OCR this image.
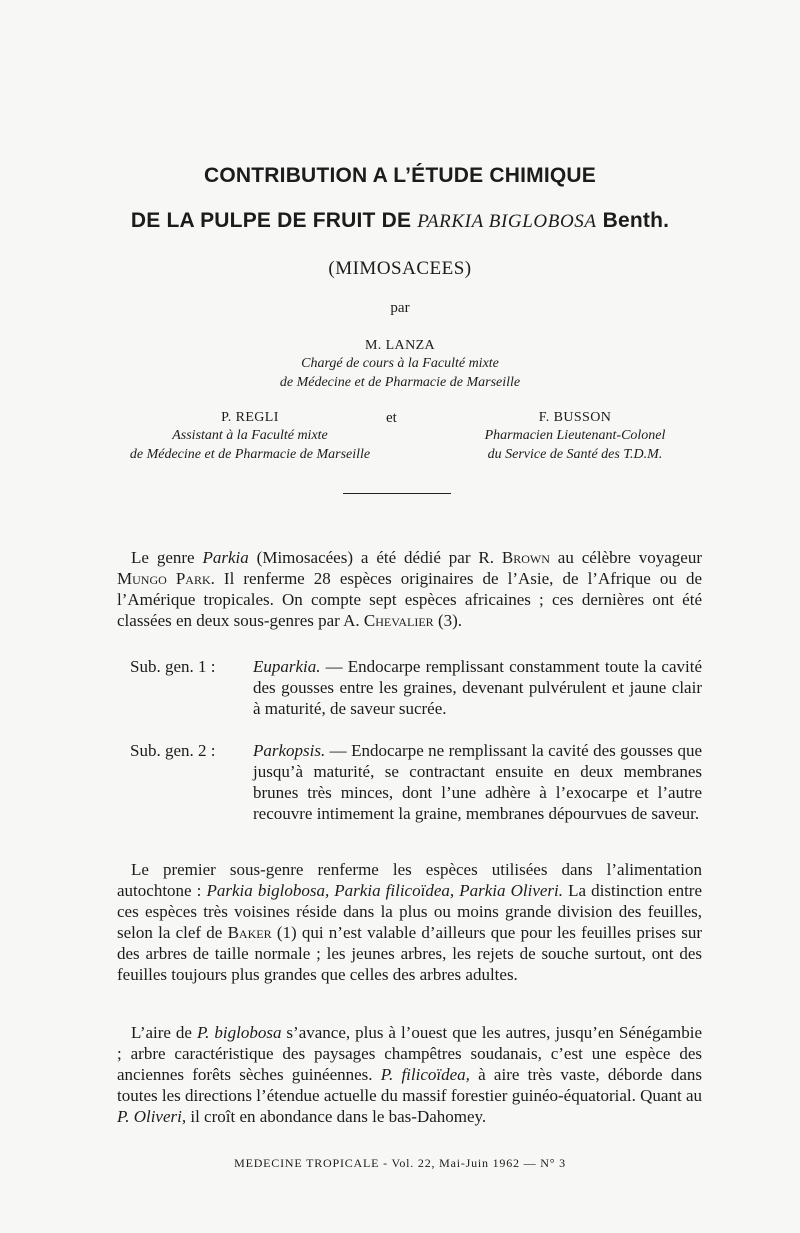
CONTRIBUTION A L’ÉTUDE CHIMIQUE
DE LA PULPE DE FRUIT DE PARKIA BIGLOBOSA Benth.
(MIMOSACEES)
par
M. LANZA
Chargé de cours à la Faculté mixte
de Médecine et de Pharmacie de Marseille
P. REGLI
Assistant à la Faculté mixte
de Médecine et de Pharmacie de Marseille
et	F. BUSSON
Pharmacien Lieutenant-Colonel
du Service de Santé des T.D.M.

Le genre Parkia (Mimosacées) a été dédié par R. Brown au célèbre voyageur Mungo Park. Il renferme 28 espèces originaires de l’Asie, de l’Afrique ou de l’Amérique tropicales. On compte sept espèces africaines ; ces dernières ont été classées en deux sous-genres par A. Chevalier (3).

Sub. gen. 1 : Euparkia. — Endocarpe remplissant constamment toute la cavité des gousses entre les graines, devenant pulvérulent et jaune clair à maturité, de saveur sucrée.
Sub. gen. 2 : Parkopsis. — Endocarpe ne remplissant la cavité des gousses que jusqu’à maturité, se contractant ensuite en deux membranes brunes très minces, dont l’une adhère à l’exocarpe et l’autre recouvre intimement la graine, membranes dépourvues de saveur.

Le premier sous-genre renferme les espèces utilisées dans l’alimentation autochtone : Parkia biglobosa, Parkia filicoïdea, Parkia Oliveri. La distinction entre ces espèces très voisines réside dans la plus ou moins grande division des feuilles, selon la clef de Baker (1) qui n’est valable d’ailleurs que pour les feuilles prises sur des arbres de taille normale ; les jeunes arbres, les rejets de souche surtout, ont des feuilles toujours plus grandes que celles des arbres adultes.

L’aire de P. biglobosa s’avance, plus à l’ouest que les autres, jusqu’en Sénégambie ; arbre caractéristique des paysages champêtres soudanais, c’est une espèce des anciennes forêts sèches guinéennes. P. filicoïdea, à aire très vaste, déborde dans toutes les directions l’étendue actuelle du massif forestier guinéo-équatorial. Quant au P. Oliveri, il croît en abondance dans le bas-Dahomey.

MEDECINE TROPICALE - Vol. 22, Mai-Juin 1962 — N° 3
